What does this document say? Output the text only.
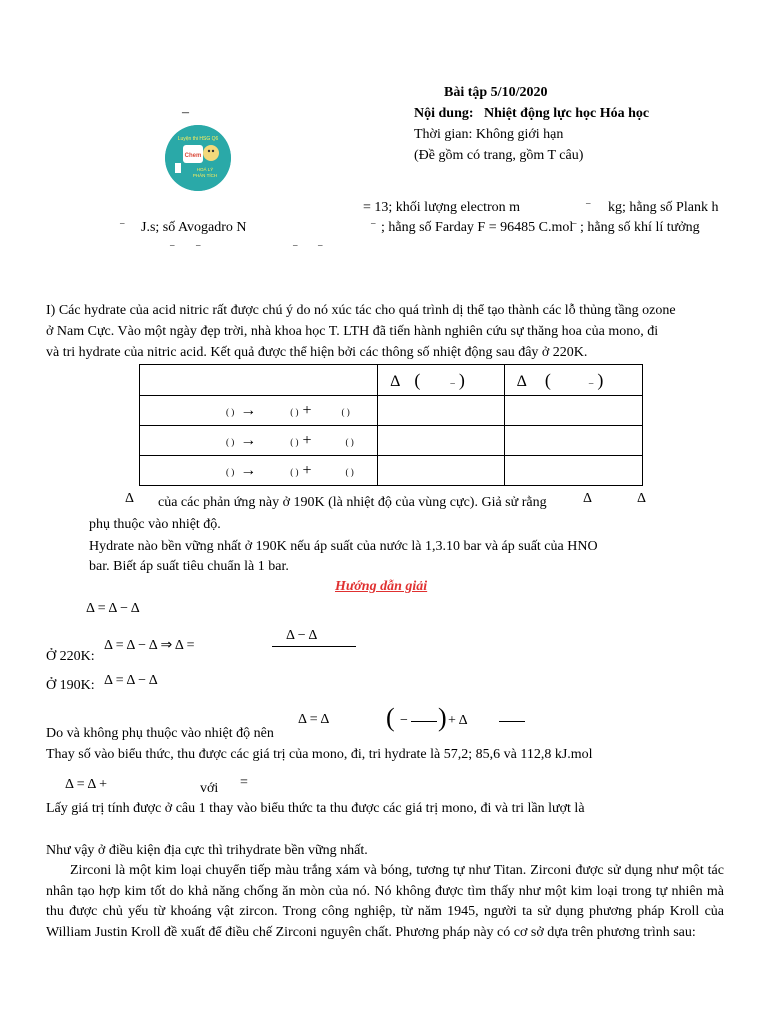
Bài tập 5/10/2020
Nội dung: Nhiệt động lực học Hóa học
Thời gian: Không giới hạn
(Đề gồm có trang, gồm T câu)
–
Luyện thi HSG Q6
Chem
HOÁ LÝ
PHÂN TÍCH
= 13; khối lượng electron m	– kg; hằng số Plank h
– J.s; số Avogadro N	– ; hằng số Farday F = 96485 C.mol
– ; hằng số khí lí tưởng
– –	– –
I) Các hydrate của acid nitric rất được chú ý do nó xúc tác cho quá trình dị thể tạo thành các lỗ thủng tầng ozone
ở Nam Cực. Vào một ngày đẹp trời, nhà khoa học T. LTH đã tiến hành nghiên cứu sự thăng hoa của mono, đi
và tri hydrate của nitric acid. Kết quả được thể hiện bởi các thông số nhiệt động sau đây ở 220K.
	Δ ( – )	Δ ( – )
( ) → ( ) + ( )		
( ) → ( ) + ( )		
( ) → ( ) + ( )		
Δ của các phản ứng này ở 190K (là nhiệt độ của vùng cực). Giả sử rằng	Δ	Δ
phụ thuộc vào nhiệt độ.
Hydrate nào bền vững nhất ở 190K nếu áp suất của nước là 1,3.10 bar và áp suất của HNO
bar. Biết áp suất tiêu chuẩn là 1 bar.
Hướng dẫn giải
Δ = Δ − Δ
Δ = Δ − Δ ⇒ Δ =
Δ − Δ
Ở 220K:
Δ = Δ − Δ
Ở 190K:
Do và không phụ thuộc vào nhiệt độ nên
Δ = Δ ( − ) + Δ
Thay số vào biểu thức, thu được các giá trị của mono, đi, tri hydrate là 57,2; 85,6 và 112,8 kJ.mol
Δ = Δ +	với =
Lấy giá trị tính được ở câu 1 thay vào biểu thức ta thu được các giá trị mono, đi và tri lần lượt là
Như vậy ở điều kiện địa cực thì trihydrate bền vững nhất.
Zirconi là một kim loại chuyển tiếp màu trắng xám và bóng, tương tự như Titan. Zirconi được sử dụng như một tác nhân tạo hợp kim tốt do khả năng chống ăn mòn của nó. Nó không được tìm thấy như một kim loại trong tự nhiên mà thu được chủ yếu từ khoáng vật zircon. Trong công nghiệp, từ năm 1945, người ta sử dụng phương pháp Kroll của William Justin Kroll đề xuất để điều chế Zirconi nguyên chất. Phương pháp này có cơ sở dựa trên phương trình sau:
